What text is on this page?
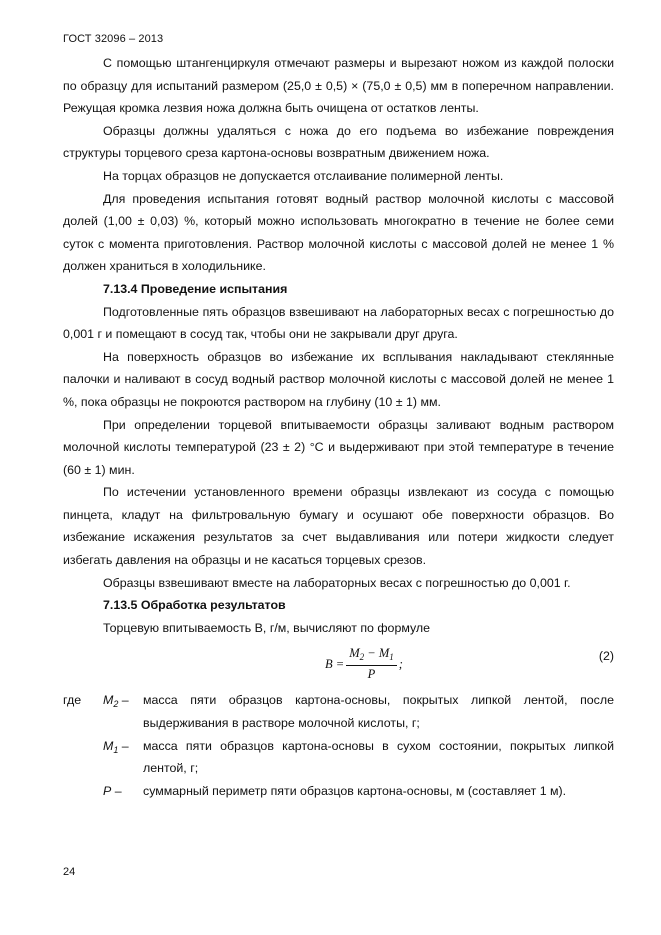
ГОСТ 32096 – 2013

С помощью штангенциркуля отмечают размеры и вырезают ножом из каждой полоски по образцу для испытаний размером (25,0 ± 0,5) × (75,0 ± 0,5) мм в поперечном направлении. Режущая кромка лезвия ножа должна быть очищена от остатков ленты.

Образцы должны удаляться с ножа до его подъема во избежание повреждения структуры торцевого среза картона-основы возвратным движением ножа.

На торцах образцов не допускается отслаивание полимерной ленты.

Для проведения испытания готовят водный раствор молочной кислоты с массовой долей (1,00 ± 0,03) %, который можно использовать многократно в течение не более семи суток с момента приготовления. Раствор молочной кислоты с массовой долей не менее 1 % должен храниться в холодильнике.

7.13.4 Проведение испытания

Подготовленные пять образцов взвешивают на лабораторных весах с погрешностью до 0,001 г и помещают в сосуд так, чтобы они не закрывали друг друга.

На поверхность образцов во избежание их всплывания накладывают стеклянные палочки и наливают в сосуд водный раствор молочной кислоты с массовой долей не менее 1 %, пока образцы не покроются раствором на глубину (10 ± 1) мм.

При определении торцевой впитываемости образцы заливают водным раствором молочной кислоты температурой (23 ± 2) °С и выдерживают при этой температуре в течение (60 ± 1) мин.

По истечении установленного времени образцы извлекают из сосуда с помощью пинцета, кладут на фильтровальную бумагу и осушают обе поверхности образцов. Во избежание искажения результатов за счет выдавливания или потери жидкости следует избегать давления на образцы и не касаться торцевых срезов.

Образцы взвешивают вместе на лабораторных весах с погрешностью до 0,001 г.

7.13.5 Обработка результатов

Торцевую впитываемость B, г/м, вычисляют по формуле

$B = \frac{M_2 - M_1}{P}$ ;
(2)
где	$M_2$ –	масса пяти образцов картона-основы, покрытых липкой лентой, после выдерживания в растворе молочной кислоты, г;
$M_1$ –	масса пяти образцов картона-основы в сухом состоянии, покрытых липкой лентой, г;
P –	суммарный периметр пяти образцов картона-основы, м (составляет 1 м).
24
